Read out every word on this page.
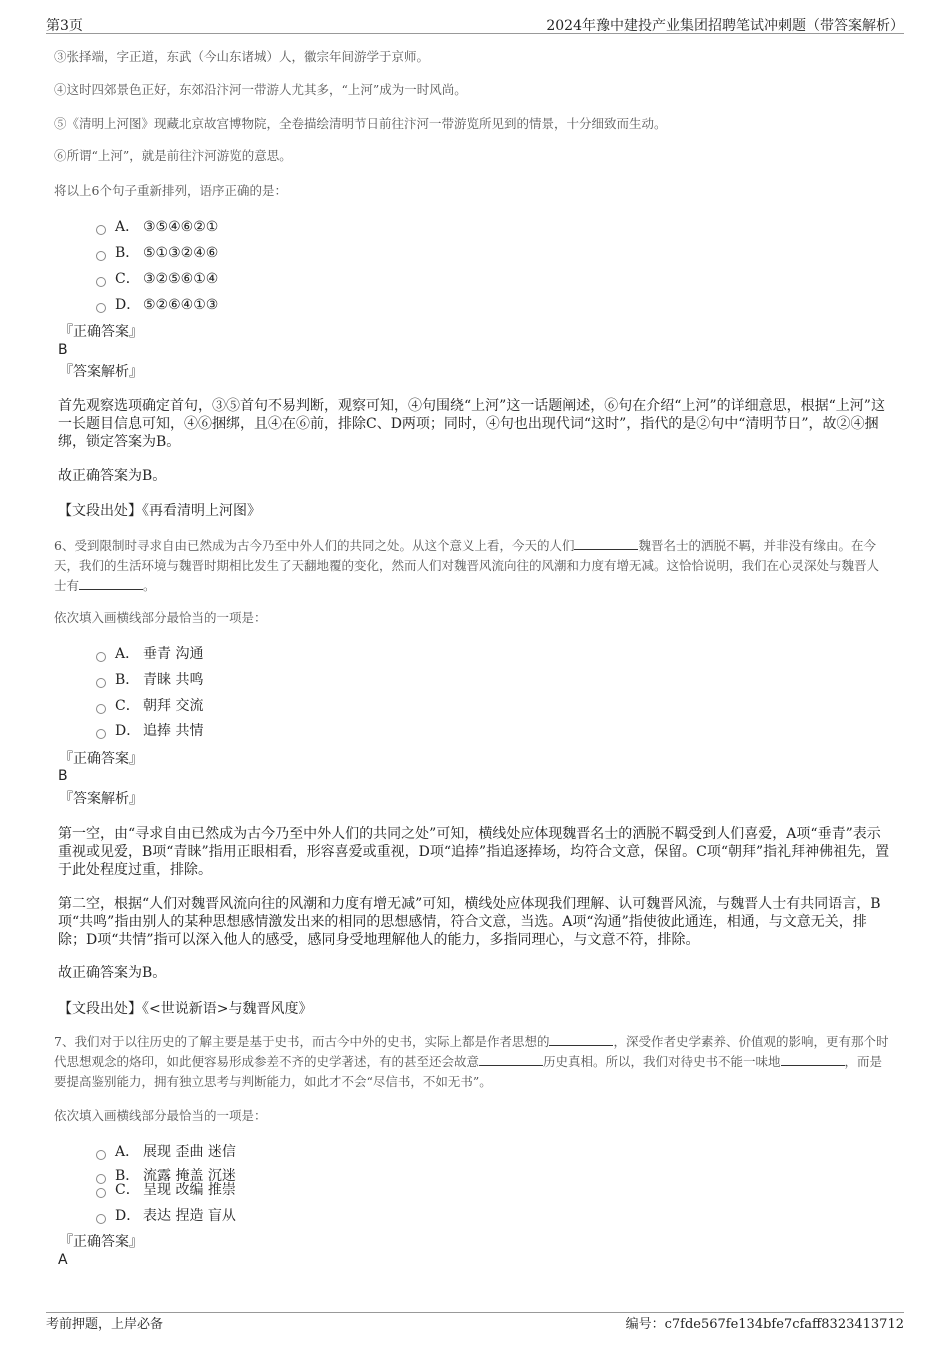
第3页	2024年豫中建投产业集团招聘笔试冲刺题（带答案解析）
③张择端，字正道，东武（今山东诸城）人，徽宗年间游学于京师。
④这时四郊景色正好，东郊沿汴河一带游人尤其多，“上河”成为一时风尚。
⑤《清明上河图》现藏北京故宫博物院，全卷描绘清明节日前往汴河一带游览所见到的情景，十分细致而生动。
⑥所谓“上河”，就是前往汴河游览的意思。
将以上6个句子重新排列，语序正确的是：
A． ③⑤④⑥②①
B． ⑤①③②④⑥
C． ③②⑤⑥①④
D． ⑤②⑥④①③
『正确答案』
B
『答案解析』
首先观察选项确定首句，③⑤首句不易判断，观察可知，④句围绕“上河”这一话题阐述，⑥句在介绍“上河”的详细意思，根据“上河”这一长题目信息可知，④⑥捆绑，且④在⑥前，排除C、D两项；同时，④句也出现代词“这时”，指代的是②句中“清明节日”，故②④捆绑，锁定答案为B。
故正确答案为B。
【文段出处】《再看清明上河图》
6、受到限制时寻求自由已然成为古今乃至中外人们的共同之处。从这个意义上看，今天的人们	魏晋名士的洒脱不羁，并非没有缘由。在今天，我们的生活环境与魏晋时期相比发生了天翻地覆的变化，然而人们对魏晋风流向往的风潮和力度有增无减。这恰恰说明，我们在心灵深处与魏晋人士有	。
依次填入画横线部分最恰当的一项是：
A． 垂青 沟通
B． 青睐 共鸣
C． 朝拜 交流
D． 追捧 共情
『正确答案』
B
『答案解析』
第一空，由“寻求自由已然成为古今乃至中外人们的共同之处”可知，横线处应体现魏晋名士的洒脱不羁受到人们喜爱，A项“垂青”表示重视或见爱，B项“青睐”指用正眼相看，形容喜爱或重视，D项“追捧”指追逐捧场，均符合文意，保留。C项“朝拜”指礼拜神佛祖先，置于此处程度过重，排除。
第二空，根据“人们对魏晋风流向往的风潮和力度有增无减”可知，横线处应体现我们理解、认可魏晋风流，与魏晋人士有共同语言，B项“共鸣”指由别人的某种思想感情激发出来的相同的思想感情，符合文意，当选。A项“沟通”指使彼此通连，相通，与文意无关，排除；D项“共情”指可以深入他人的感受，感同身受地理解他人的能力，多指同理心，与文意不符，排除。
故正确答案为B。
【文段出处】《<世说新语>与魏晋风度》
7、我们对于以往历史的了解主要是基于史书，而古今中外的史书，实际上都是作者思想的	，深受作者史学素养、价值观的影响，更有那个时代思想观念的烙印，如此便容易形成参差不齐的史学著述，有的甚至还会故意	历史真相。所以，我们对待史书不能一味地	，而是要提高鉴别能力，拥有独立思考与判断能力，如此才不会“尽信书，不如无书”。
依次填入画横线部分最恰当的一项是：
A． 展现 歪曲 迷信
B． 流露 掩盖 沉迷
C． 呈现 改编 推崇
D． 表达 捏造 盲从
『正确答案』
A
考前押题，上岸必备	编号：c7fde567fe134bfe7cfaff8323413712
